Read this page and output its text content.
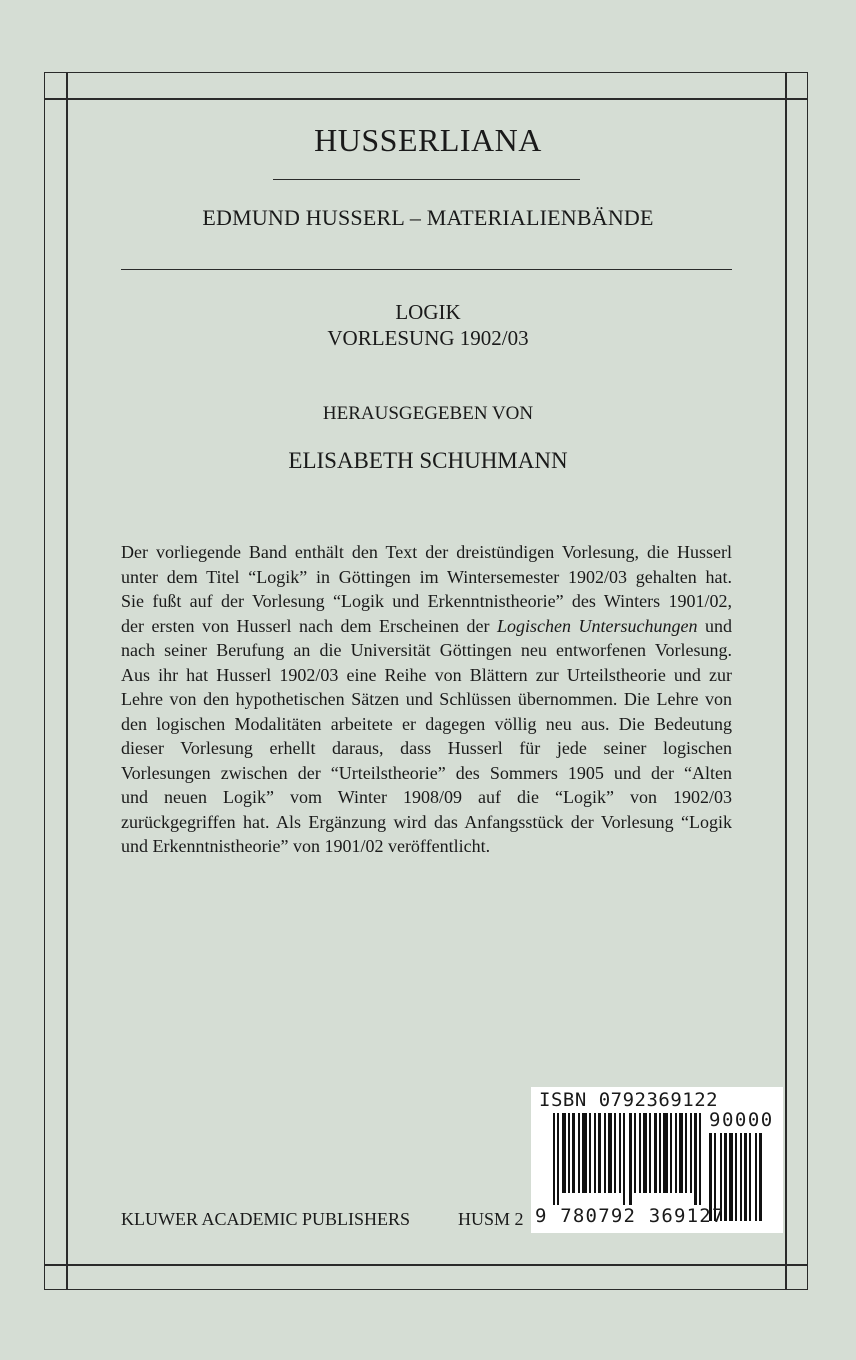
HUSSERLIANA
EDMUND HUSSERL – MATERIALIENBÄNDE
LOGIK
VORLESUNG 1902/03
HERAUSGEGEBEN VON
ELISABETH SCHUHMANN
Der vorliegende Band enthält den Text der dreistündigen Vorlesung, die Husserl
unter dem Titel “Logik” in Göttingen im Wintersemester 1902/03 gehalten hat.
Sie fußt auf der Vorlesung “Logik und Erkenntnistheorie” des Winters 1901/02,
der ersten von Husserl nach dem Erscheinen der Logischen Untersuchungen und
nach seiner Berufung an die Universität Göttingen neu entworfenen Vorlesung.
Aus ihr hat Husserl 1902/03 eine Reihe von Blättern zur Urteilstheorie und zur
Lehre von den hypothetischen Sätzen und Schlüssen übernommen. Die Lehre von
den logischen Modalitäten arbeitete er dagegen völlig neu aus. Die Bedeutung
dieser Vorlesung erhellt daraus, dass Husserl für jede seiner logischen
Vorlesungen zwischen der “Urteilstheorie” des Sommers 1905 und der “Alten
und neuen Logik” vom Winter 1908/09 auf die “Logik” von 1902/03
zurückgegriffen hat. Als Ergänzung wird das Anfangsstück der Vorlesung “Logik
und Erkenntnistheorie” von 1901/02 veröffentlicht.
KLUWER ACADEMIC PUBLISHERS	HUSM 2
ISBN 0792369122
90000
9 780792 369127
